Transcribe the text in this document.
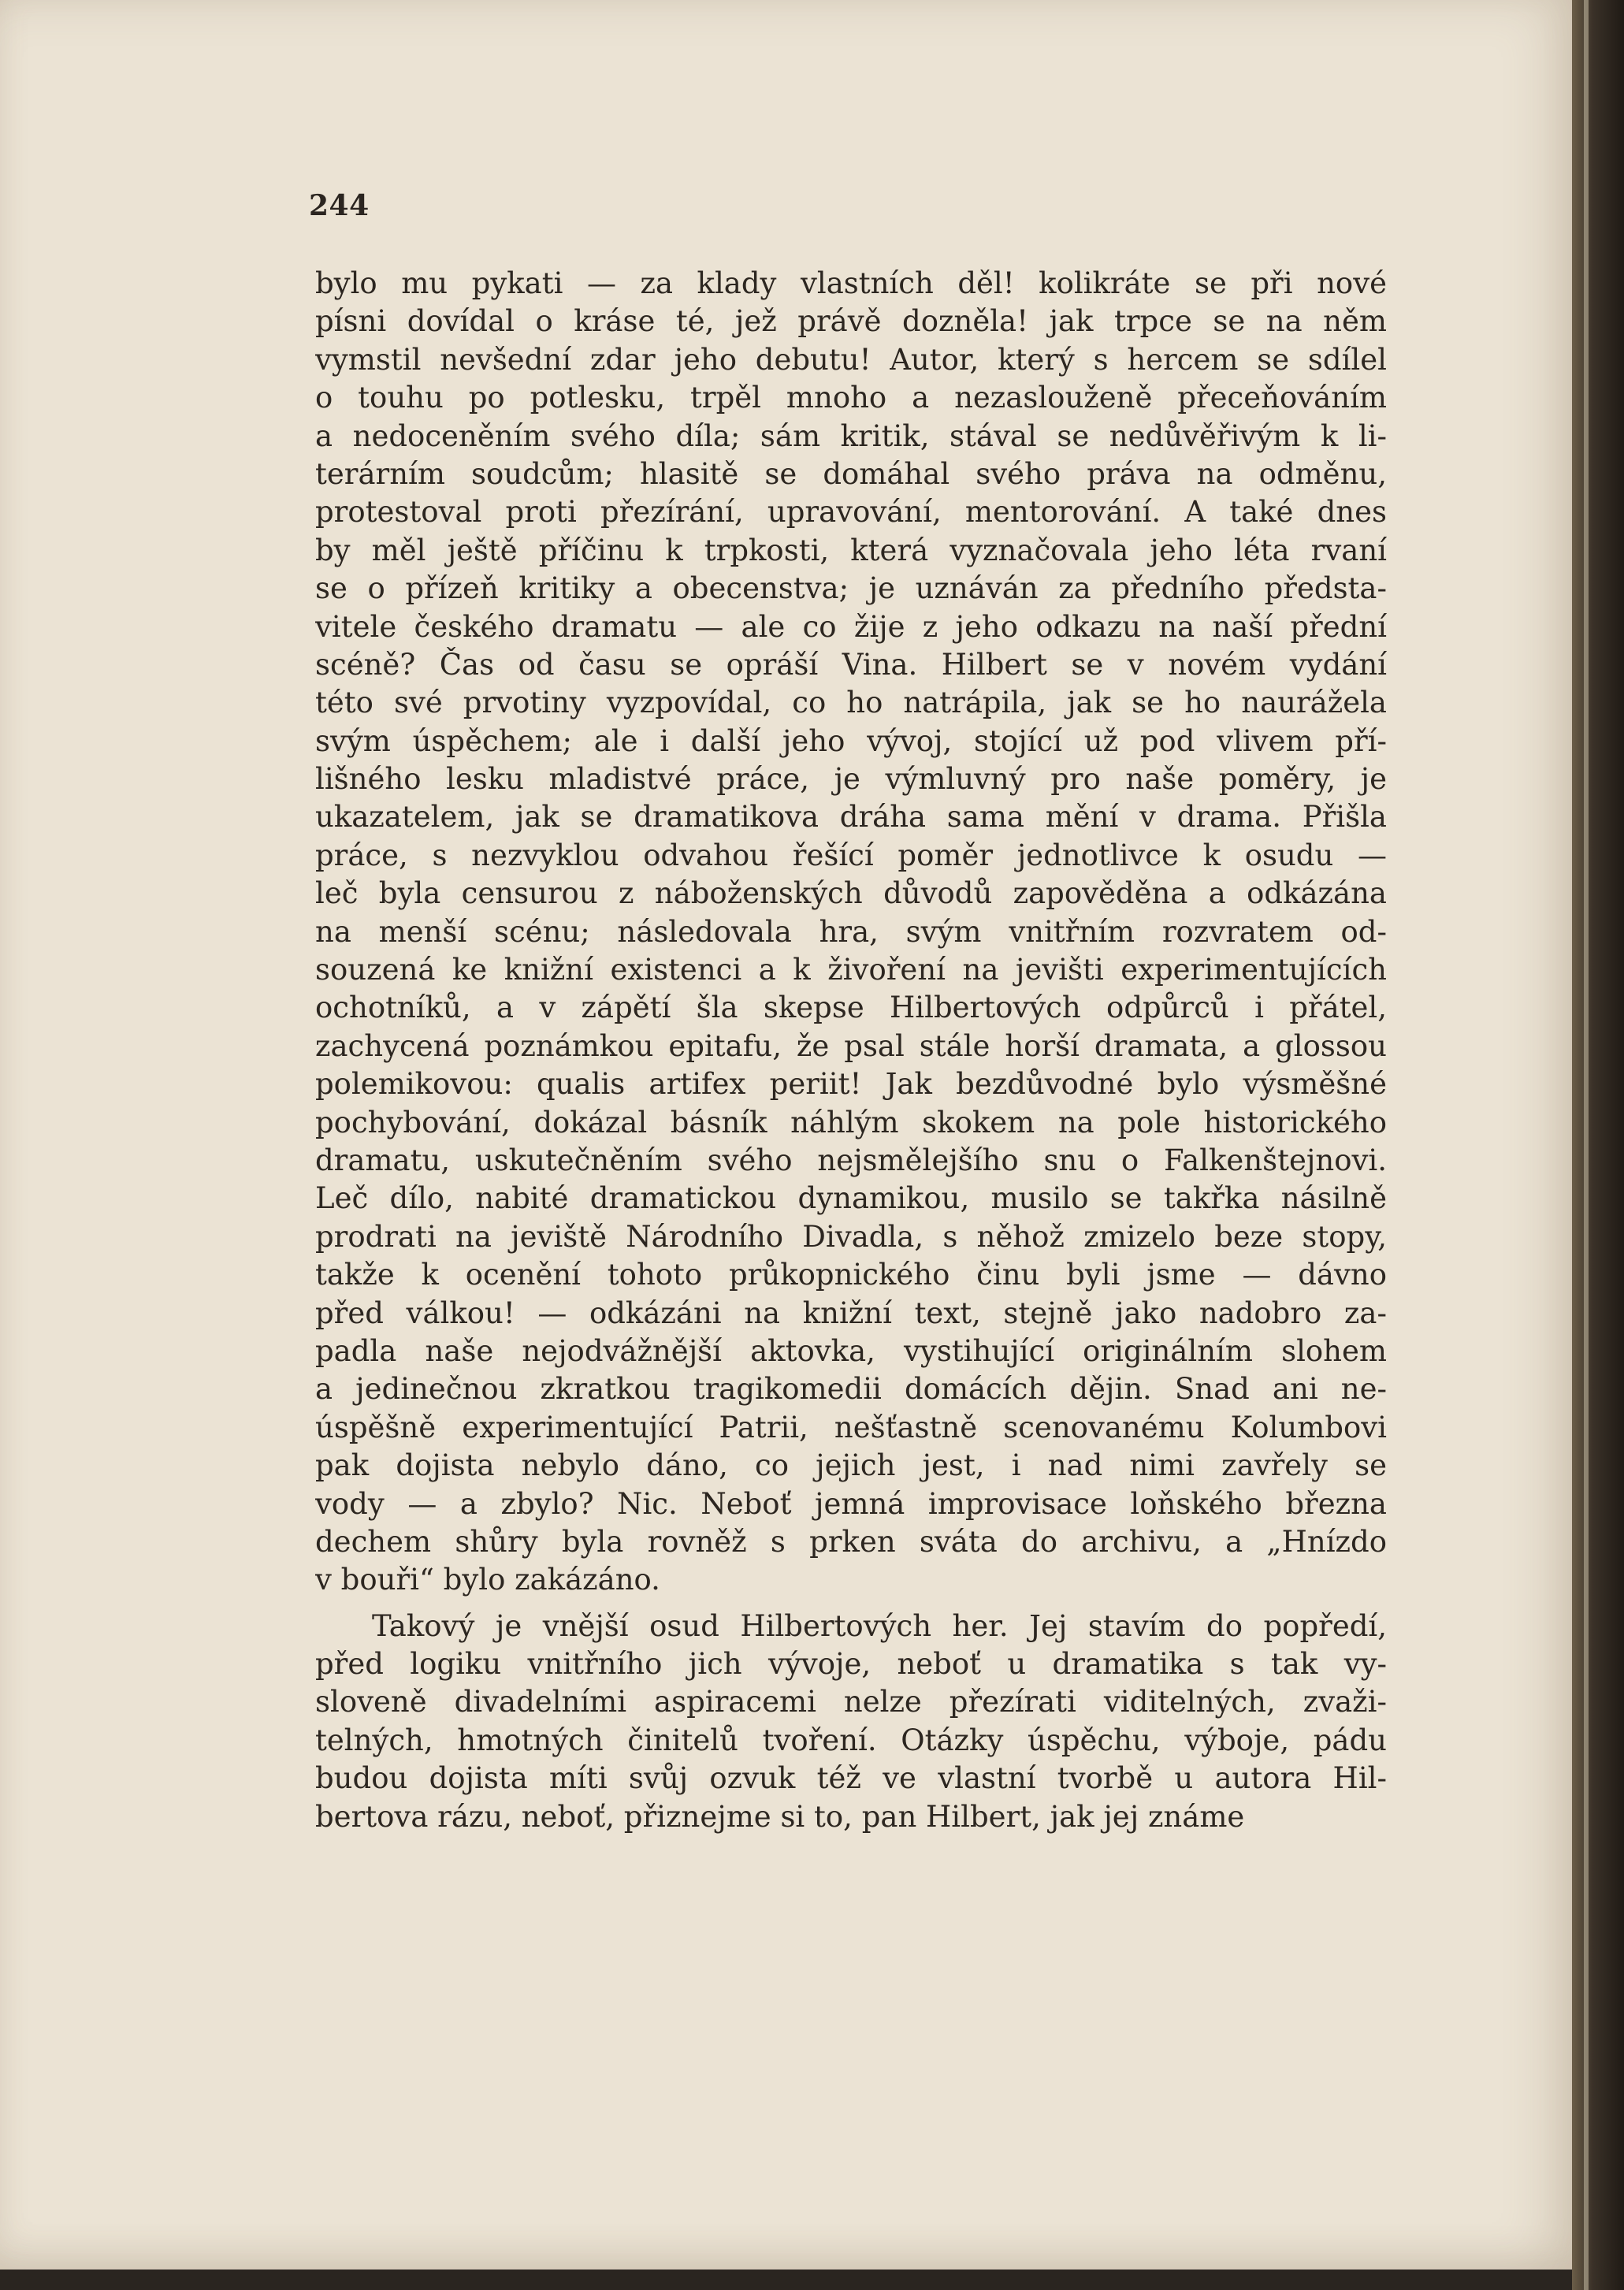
244
bylo mu pykati — za klady vlastních děl! kolikráte se při nové
písni dovídal o kráse té, jež právě dozněla! jak trpce se na něm
vymstil nevšední zdar jeho debutu! Autor, který s hercem se sdílel
o touhu po potlesku, trpěl mnoho a nezaslouženě přeceňováním
a nedoceněním svého díla; sám kritik, stával se nedůvěřivým k li-
terárním soudcům; hlasitě se domáhal svého práva na odměnu,
protestoval proti přezírání, upravování, mentorování. A také dnes
by měl ještě příčinu k trpkosti, která vyznačovala jeho léta rvaní
se o přízeň kritiky a obecenstva; je uznáván za předního předsta-
vitele českého dramatu — ale co žije z jeho odkazu na naší přední
scéně? Čas od času se opráší Vina. Hilbert se v novém vydání
této své prvotiny vyzpovídal, co ho natrápila, jak se ho naurážela
svým úspěchem; ale i další jeho vývoj, stojící už pod vlivem pří-
lišného lesku mladistvé práce, je výmluvný pro naše poměry, je
ukazatelem, jak se dramatikova dráha sama mění v drama. Přišla
práce, s nezvyklou odvahou řešící poměr jednotlivce k osudu —
leč byla censurou z náboženských důvodů zapověděna a odkázána
na menší scénu; následovala hra, svým vnitřním rozvratem od-
souzená ke knižní existenci a k živoření na jevišti experimentujících
ochotníků, a v zápětí šla skepse Hilbertových odpůrců i přátel,
zachycená poznámkou epitafu, že psal stále horší dramata, a glossou
polemikovou: qualis artifex periit! Jak bezdůvodné bylo výsměšné
pochybování, dokázal básník náhlým skokem na pole historického
dramatu, uskutečněním svého nejsmělejšího snu o Falkenštejnovi.
Leč dílo, nabité dramatickou dynamikou, musilo se takřka násilně
prodrati na jeviště Národního Divadla, s něhož zmizelo beze stopy,
takže k ocenění tohoto průkopnického činu byli jsme — dávno
před válkou! — odkázáni na knižní text, stejně jako nadobro za-
padla naše nejodvážnější aktovka, vystihující originálním slohem
a jedinečnou zkratkou tragikomedii domácích dějin. Snad ani ne-
úspěšně experimentující Patrii, nešťastně scenovanému Kolumbovi
pak dojista nebylo dáno, co jejich jest, i nad nimi zavřely se
vody — a zbylo? Nic. Neboť jemná improvisace loňského března
dechem shůry byla rovněž s prken sváta do archivu, a „Hnízdo
v bouři“ bylo zakázáno.
Takový je vnější osud Hilbertových her. Jej stavím do popředí,
před logiku vnitřního jich vývoje, neboť u dramatika s tak vy-
sloveně divadelními aspiracemi nelze přezírati viditelných, zvaži-
telných, hmotných činitelů tvoření. Otázky úspěchu, výboje, pádu
budou dojista míti svůj ozvuk též ve vlastní tvorbě u autora Hil-
bertova rázu, neboť, přiznejme si to, pan Hilbert, jak jej známe
